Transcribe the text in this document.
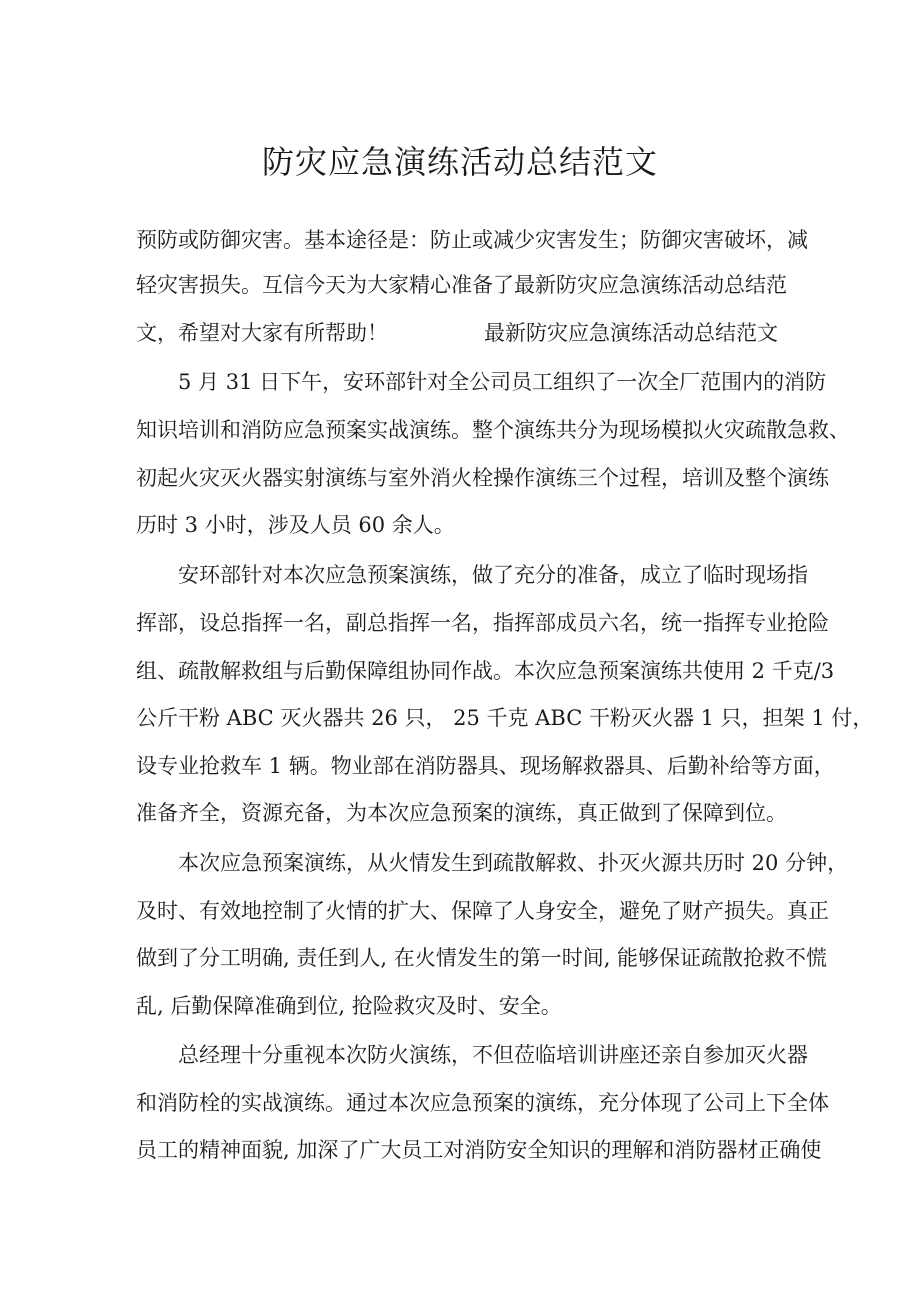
防灾应急演练活动总结范文
预防或防御灾害。基本途径是：防止或减少灾害发生；防御灾害破坏，减
轻灾害损失。互信今天为大家精心准备了最新防灾应急演练活动总结范
文，希望对大家有所帮助！	最新防灾应急演练活动总结范文
5 月 31 日下午，安环部针对全公司员工组织了一次全厂范围内的消防
知识培训和消防应急预案实战演练。整个演练共分为现场模拟火灾疏散急救、
初起火灾灭火器实射演练与室外消火栓操作演练三个过程，培训及整个演练
历时 3 小时，涉及人员 60 余人。
安环部针对本次应急预案演练，做了充分的准备，成立了临时现场指
挥部，设总指挥一名，副总指挥一名，指挥部成员六名，统一指挥专业抢险
组、疏散解救组与后勤保障组协同作战。本次应急预案演练共使用 2 千克/3
公斤干粉 ABC 灭火器共 26 只， 25 千克 ABC 干粉灭火器 1 只，担架 1 付，
设专业抢救车 1 辆。物业部在消防器具、现场解救器具、后勤补给等方面，
准备齐全，资源充备，为本次应急预案的演练，真正做到了保障到位。
本次应急预案演练，从火情发生到疏散解救、扑灭火源共历时 20 分钟，
及时、有效地控制了火情的扩大、保障了人身安全，避免了财产损失。真正
做到了分工明确, 责任到人, 在火情发生的第一时间, 能够保证疏散抢救不慌
乱, 后勤保障准确到位, 抢险救灾及时、安全。
总经理十分重视本次防火演练，不但莅临培训讲座还亲自参加灭火器
和消防栓的实战演练。通过本次应急预案的演练，充分体现了公司上下全体
员工的精神面貌, 加深了广大员工对消防安全知识的理解和消防器材正确使
